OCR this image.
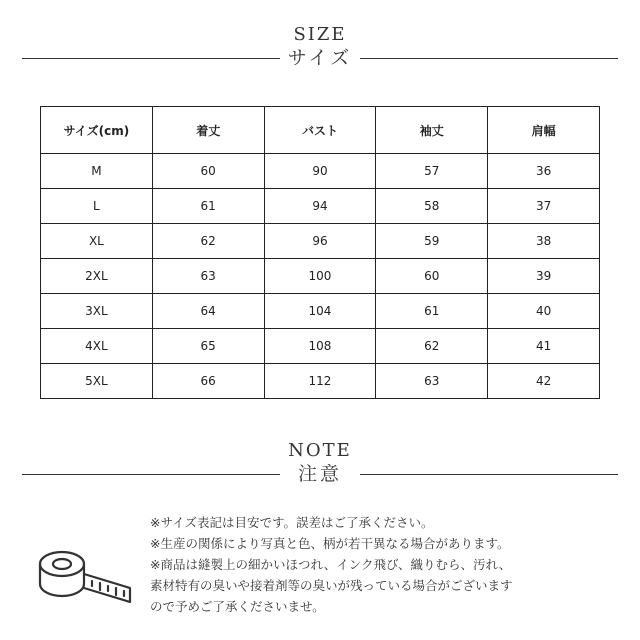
SIZE
サイズ
サイズ(cm)	着丈	バスト	袖丈	肩幅
M	60	90	57	36
L	61	94	58	37
XL	62	96	59	38
2XL	63	100	60	39
3XL	64	104	61	40
4XL	65	108	62	41
5XL	66	112	63	42
NOTE
注意
※サイズ表記は目安です。誤差はご了承ください。
※生産の関係により写真と色、柄が若干異なる場合があります。
※商品は縫製上の細かいほつれ、インク飛び、織りむら、汚れ、
素材特有の臭いや接着剤等の臭いが残っている場合がございます
ので予めご了承くださいませ。
